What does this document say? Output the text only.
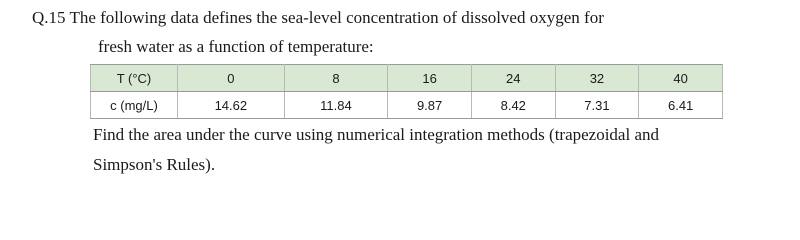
Q.15 The following data defines the sea-level concentration of dissolved oxygen for
fresh water as a function of temperature:
T (°C)	0	8	16	24	32	40
c (mg/L)	14.62	11.84	9.87	8.42	7.31	6.41
Find the area under the curve using numerical integration methods (trapezoidal and
Simpson's Rules).
